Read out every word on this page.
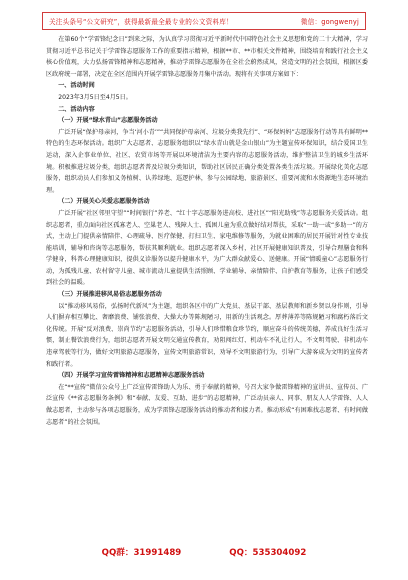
关注头条号“公文研究”，获得最新最全最专业的公文资料库！	微信：gongwenyj

在第60个“学雷锋纪念日”到来之际，为认真学习贯彻习近平新时代中国特色社会主义思想和党的二十大精神，学习贯彻习近平总书记关于学雷锋志愿服务工作的重要指示精神，根据**市、**市相关文件精神，围绕培育和践行社会主义核心价值观，大力弘扬雷锋精神和志愿精神，推动学雷锋志愿服务在全社会蔚然成风，营造文明的社会氛围，根据区委区政府统一部署，决定在全区范围内开展学雷锋志愿服务月集中活动。现将有关事项方案如下：

一、活动时间

2023年3月5日至4月5日。

二、活动内容

（一）开展“绿水青山”志愿服务活动

广泛开展“保护母亲河，争当‘河小青’”“共同保护母亲河、垃圾分类我先行”、“环保妈妈”志愿服务行动等具有鲜明**特色的生态环保活动。组织广大志愿者、志愿服务组织以“绿水青山就是金山银山”为主题宣传环保知识，结合爱国卫生运动，深入企事业单位、社区、农贸市场等开展以环境清洁为主要内容的志愿服务活动，维护整洁卫生的城乡生活环境。积极推进垃圾分类，组织志愿者普及垃圾分类知识，帮助社区居民正确分类处置各类生活垃圾。开展绿化美化志愿服务，组织动员人们参加义务植树、认养绿地、巡逻护林，参与公园绿地、旅游景区、重要河流和水资源地生态环境治理。

（二）开展关心关爱志愿服务活动

广泛开展“社区邻里守望”“时间银行”养老、“红十字志愿服务进高校、进社区”“阳光助残”等志愿服务关爱活动。组织志愿者，重点面向社区孤寡老人、空巢老人、残障人士、孤困儿童为重点做好结对帮扶，采取“一助一或“多助一”的方式，主动上门提供亲情陪伴、心理疏导、医疗保健、打扫卫生、家电维修等服务，为就业困难的居民开展针对性专业技能培训，辅导和咨询等志愿服务，帮扶其顺利就业。组织志愿者深入乡村，社区开展健康知识普及，引导合理膳食和科学健身，科普心理健康知识，提供义诊服务以提升健康水平，为广大群众献爱心、送健康。开展“情暖童心”志愿服务行动，为孤残儿童、农村留守儿童、城市流动儿童提供生活照顾、学业辅导、亲情陪伴、自护教育等服务，让孩子们感受到社会的温暖。

（三）开展推进移风易俗志愿服务活动

以“推动移风易俗，弘扬时代新风”为主题，组织各区中的广大党员、基层干部、基层教师和新乡贤以身作则，引导人们摒弃相互攀比、奢靡浪费、铺张浪费、大操大办等陈规陋习，用新的生活观念。厚葬薄养等陈规陋习和腐朽落后文化传统。开展“反对浪费、崇尚节约”志愿服务活动，引导人们珍惜粮食珍节约，顺应奋斗的传统美德，养成良好生活习惯，制止餐饮浪费行为，组织志愿者开展文明交通宣传教育，劝阻闯红灯、机动车不礼让行人，不文明驾驶、非机动车违章驾驶等行为，做好文明旅游志愿服务，宣传文明旅游常识，劝导不文明旅游行为，引导广大游客成为文明的宣传者和践行者。

（四）开展学习宣传雷锋精神和志愿精神志愿服务活动

在“**宣传”微信公众号上广泛宣传雷锋助人为乐、勇于奉献的精神，号召大家争做雷锋精神的宣讲员、宣传员、广泛宣传《**省志愿服务条例》和“奉献、友爱、互助、进步”的志愿精神，广泛动员亲人、同事、朋友人人学雷锋、人人做志愿者，主动参与各项志愿服务，成为学雷锋志愿服务活动的推动者和接力者。推动形成“有困难找志愿者、有时间做志愿者”的社会氛围。

QQ群：31991489	QQ：535304092
